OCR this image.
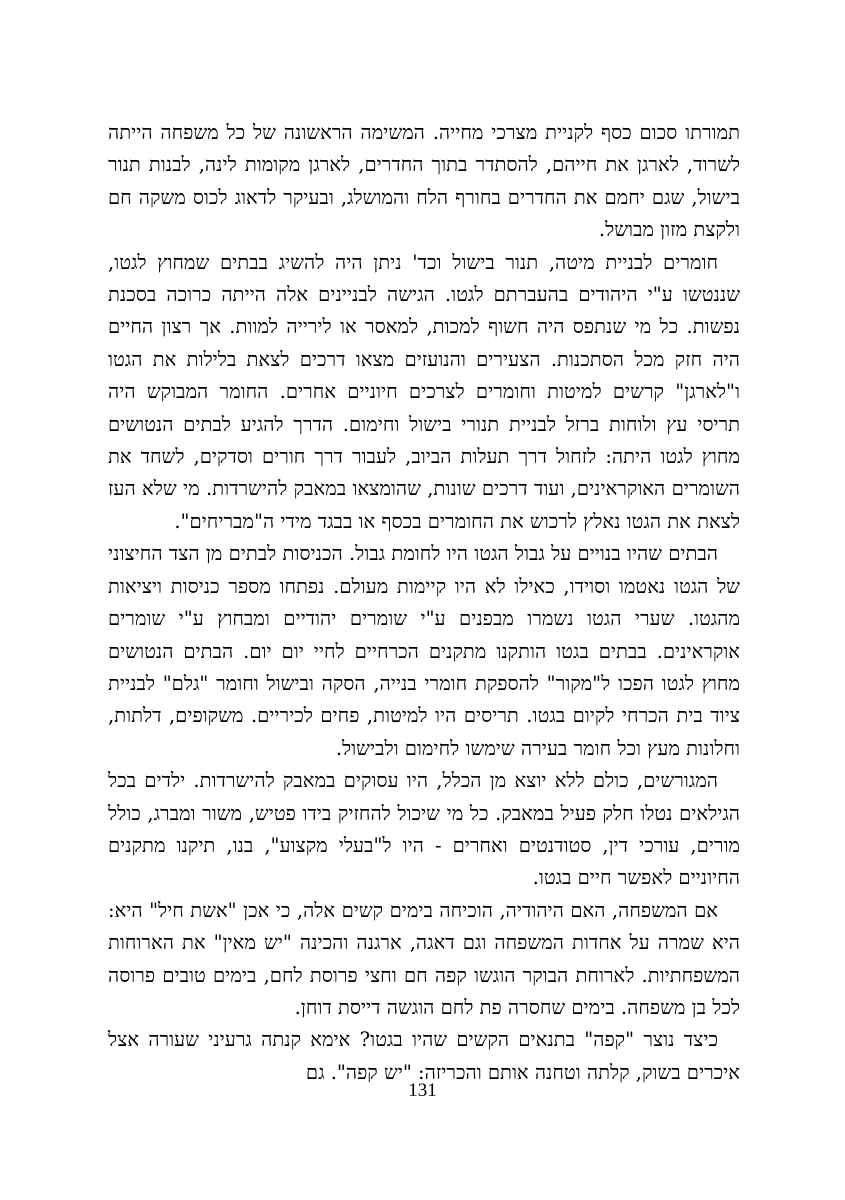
תמורתו סכום כסף לקניית מצרכי מחייה. המשימה הראשונה של כל משפחה הייתה לשרוד, לארגן את חייהם, להסתדר בתוך החדרים, לארגן מקומות לינה, לבנות תנור בישול, שגם יחמם את החדרים בחורף הלח והמושלג, ובעיקר לדאוג לכוס משקה חם ולקצת מזון מבושל.

חומרים לבניית מיטה, תנור בישול וכד' ניתן היה להשיג בבתים שמחוץ לגטו, שננטשו ע"י היהודים בהעברתם לגטו. הגישה לבניינים אלה הייתה כרוכה בסכנת נפשות. כל מי שנתפס היה חשוף למכות, למאסר או לירייה למוות. אך רצון החיים היה חזק מכל הסתכנות. הצעירים והנועזים מצאו דרכים לצאת בלילות את הגטו ו"לארגן" קרשים למיטות וחומרים לצרכים חיוניים אחרים. החומר המבוקש היה תריסי עץ ולוחות ברזל לבניית תנורי בישול וחימום. הדרך להגיע לבתים הנטושים מחוץ לגטו היתה: לזחול דרך תעלות הביוב, לעבור דרך חורים וסדקים, לשחד את השומרים האוקראינים, ועוד דרכים שונות, שהומצאו במאבק להישרדות. מי שלא העז לצאת את הגטו נאלץ לרכוש את החומרים בכסף או בבגד מידי ה"מבריחים".

הבתים שהיו בנויים על גבול הגטו היו לחומת גבול. הכניסות לבתים מן הצד החיצוני של הגטו נאטמו וסוידו, כאילו לא היו קיימות מעולם. נפתחו מספר כניסות ויציאות מהגטו. שערי הגטו נשמרו מבפנים ע"י שומרים יהודיים ומבחוץ ע"י שומרים אוקראינים. בבתים בגטו הותקנו מתקנים הכרחיים לחיי יום יום. הבתים הנטושים מחוץ לגטו הפכו ל"מקור" להספקת חומרי בנייה, הסקה ובישול וחומר "גלם" לבניית ציוד בית הכרחי לקיום בגטו. תריסים היו למיטות, פחים לכיריים. משקופים, דלתות, וחלונות מעץ וכל חומר בעירה שימשו לחימום ולבישול.

המגורשים, כולם ללא יוצא מן הכלל, היו עסוקים במאבק להישרדות. ילדים בכל הגילאים נטלו חלק פעיל במאבק. כל מי שיכול להחזיק בידו פטיש, משור ומברג, כולל מורים, עורכי דין, סטודנטים ואחרים - היו ל"בעלי מקצוע", בנו, תיקנו מתקנים החיוניים לאפשר חיים בגטו.

אם המשפחה, האם היהודיה, הוכיחה בימים קשים אלה, כי אכן "אשת חיל" היא: היא שמרה על אחדות המשפחה וגם דאגה, ארגנה והכינה "יש מאין" את הארוחות המשפחתיות. לארוחת הבוקר הוגשו קפה חם וחצי פרוסת לחם, בימים טובים פרוסה לכל בן משפחה. בימים שחסרה פת לחם הוגשה דייסת דוחן.

כיצד נוצר "קפה" בתנאים הקשים שהיו בגטו? אימא קנתה גרעיני שעורה אצל איכרים בשוק, קלתה וטחנה אותם והכריזה: "יש קפה". גם

131
